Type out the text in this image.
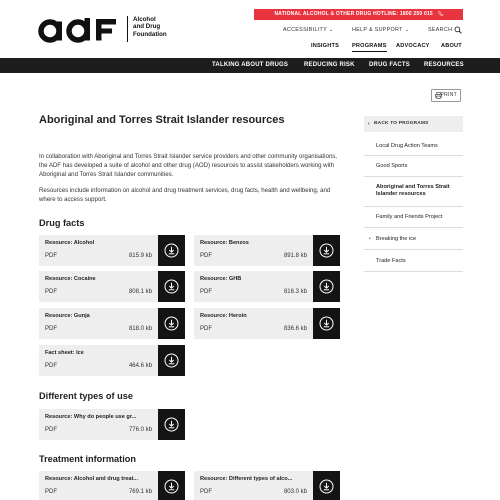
Alcohol
and Drug
Foundation
NATIONAL ALCOHOL & OTHER DRUG HOTLINE: 1800 250 015
ACCESSIBILITY ⌄	HELP & SUPPORT ⌄	SEARCH
INSIGHTS PROGRAMS ADVOCACY ABOUT
TALKING ABOUT DRUGS	REDUCING RISK DRUG FACTS RESOURCES
PRINT
Aboriginal and Torres Strait Islander resources

In collaboration with Aboriginal and Torres Strait Islander service providers and other community organisations, the ADF has developed a suite of alcohol and other drug (AOD) resources to assist stakeholders working with Aboriginal and Torres Strait Islander communities.

Resources include information on alcohol and drug treatment services, drug facts, health and wellbeing, and where to access support.

Drug facts
Resource: Alcohol
PDF	815.9 kb
Resource: Benzos
PDF	891.8 kb
Resource: Cocaine
PDF	808.1 kb
Resource: GHB
PDF	816.3 kb
Resource: Gunja
PDF	818.0 kb
Resource: Heroin
PDF	836.6 kb
Fact sheet: Ice
PDF	464.6 kb
Different types of use
Resource: Why do people use gr...
PDF	776.0 kb
Treatment information
Resource: Alcohol and drug treat...
PDF	769.1 kb
Resource: Different types of alco...
PDF	803.0 kb
‹ BACK TO PROGRAMS
Local Drug Action Teams
Good Sports
Aboriginal and Torres Strait Islander resources
Family and Friends Project
• Breaking the ice
Trade Facts
